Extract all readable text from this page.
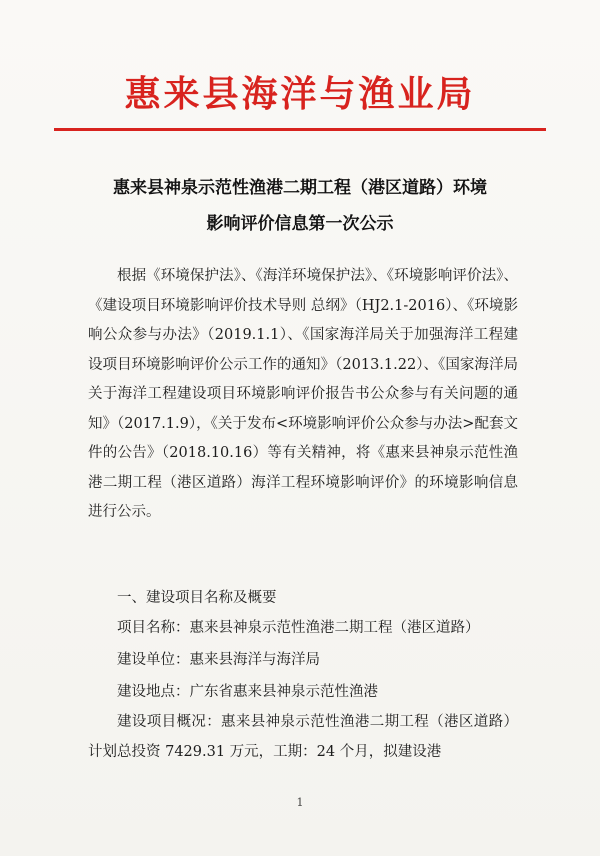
惠来县海洋与渔业局
惠来县神泉示范性渔港二期工程（港区道路）环境
影响评价信息第一次公示

根据《环境保护法》、《海洋环境保护法》、《环境影响评价法》、《建设项目环境影响评价技术导则 总纲》（HJ2.1-2016）、《环境影响公众参与办法》（2019.1.1）、《国家海洋局关于加强海洋工程建设项目环境影响评价公示工作的通知》（2013.1.22）、《国家海洋局关于海洋工程建设项目环境影响评价报告书公众参与有关问题的通知》（2017.1.9），《关于发布<环境影响评价公众参与办法>配套文件的公告》（2018.10.16）等有关精神，将《惠来县神泉示范性渔港二期工程（港区道路）海洋工程环境影响评价》的环境影响信息进行公示。

一、建设项目名称及概要

项目名称：惠来县神泉示范性渔港二期工程（港区道路）

建设单位：惠来县海洋与海洋局

建设地点：广东省惠来县神泉示范性渔港

建设项目概况：惠来县神泉示范性渔港二期工程（港区道路）计划总投资 7429.31 万元，工期：24 个月，拟建设港

1
